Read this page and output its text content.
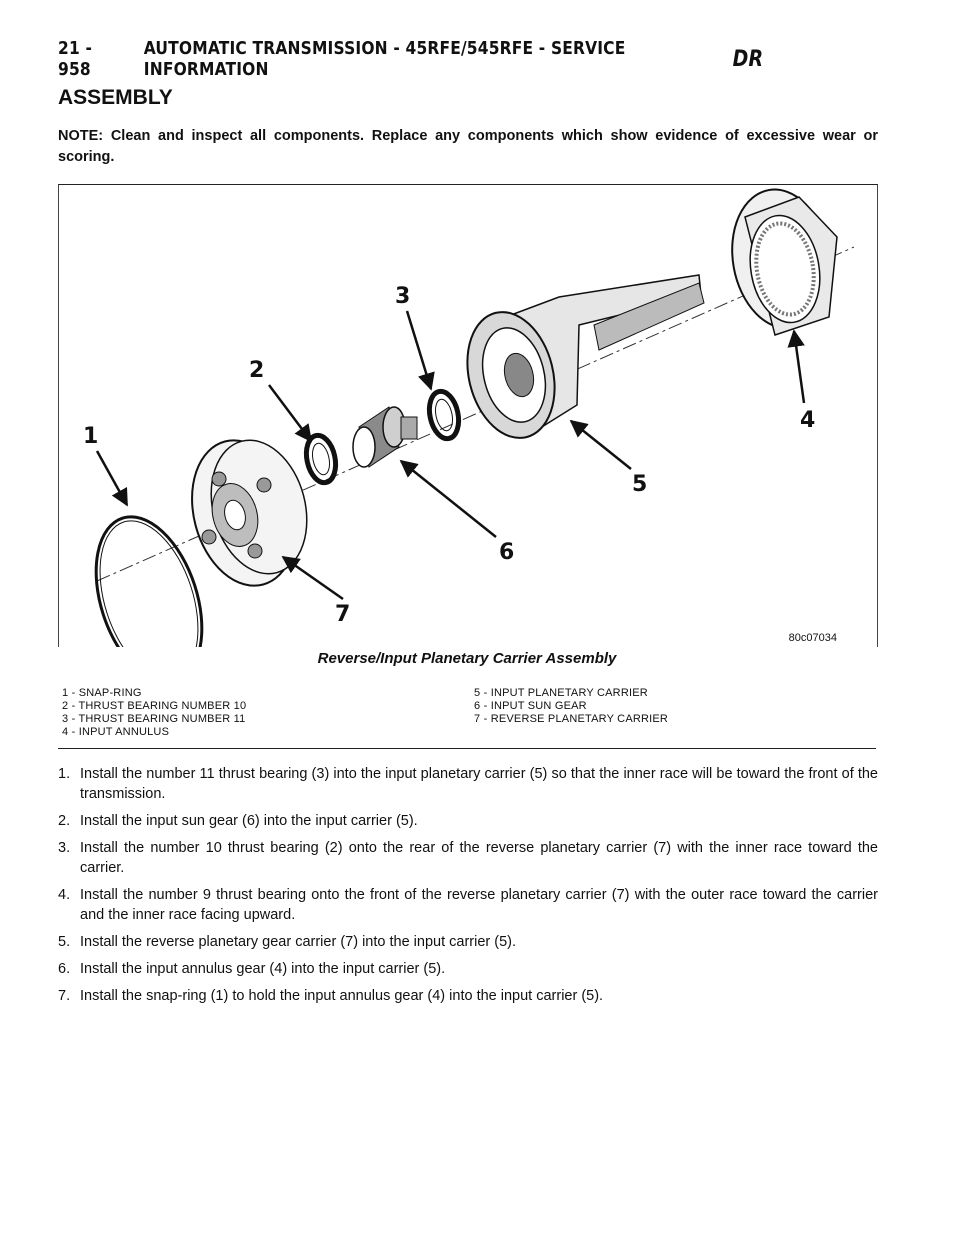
21 - 958
AUTOMATIC TRANSMISSION - 45RFE/545RFE - SERVICE INFORMATION	DR
ASSEMBLY

NOTE: Clean and inspect all components. Replace any components which show evidence of excessive wear or scoring.

1
2
3
4
5
6
7
80c07034
Reverse/Input Planetary Carrier Assembly
1 - SNAP-RING
2 - THRUST BEARING NUMBER 10
3 - THRUST BEARING NUMBER 11
4 - INPUT ANNULUS
5 - INPUT PLANETARY CARRIER
6 - INPUT SUN GEAR
7 - REVERSE PLANETARY CARRIER
1. Install the number 11 thrust bearing (3) into the input planetary carrier (5) so that the inner race will be toward the front of the transmission.
2. Install the input sun gear (6) into the input carrier (5).
3. Install the number 10 thrust bearing (2) onto the rear of the reverse planetary carrier (7) with the inner race toward the carrier.
4. Install the number 9 thrust bearing onto the front of the reverse planetary carrier (7) with the outer race toward the carrier and the inner race facing upward.
5. Install the reverse planetary gear carrier (7) into the input carrier (5).
6. Install the input annulus gear (4) into the input carrier (5).
7. Install the snap-ring (1) to hold the input annulus gear (4) into the input carrier (5).
